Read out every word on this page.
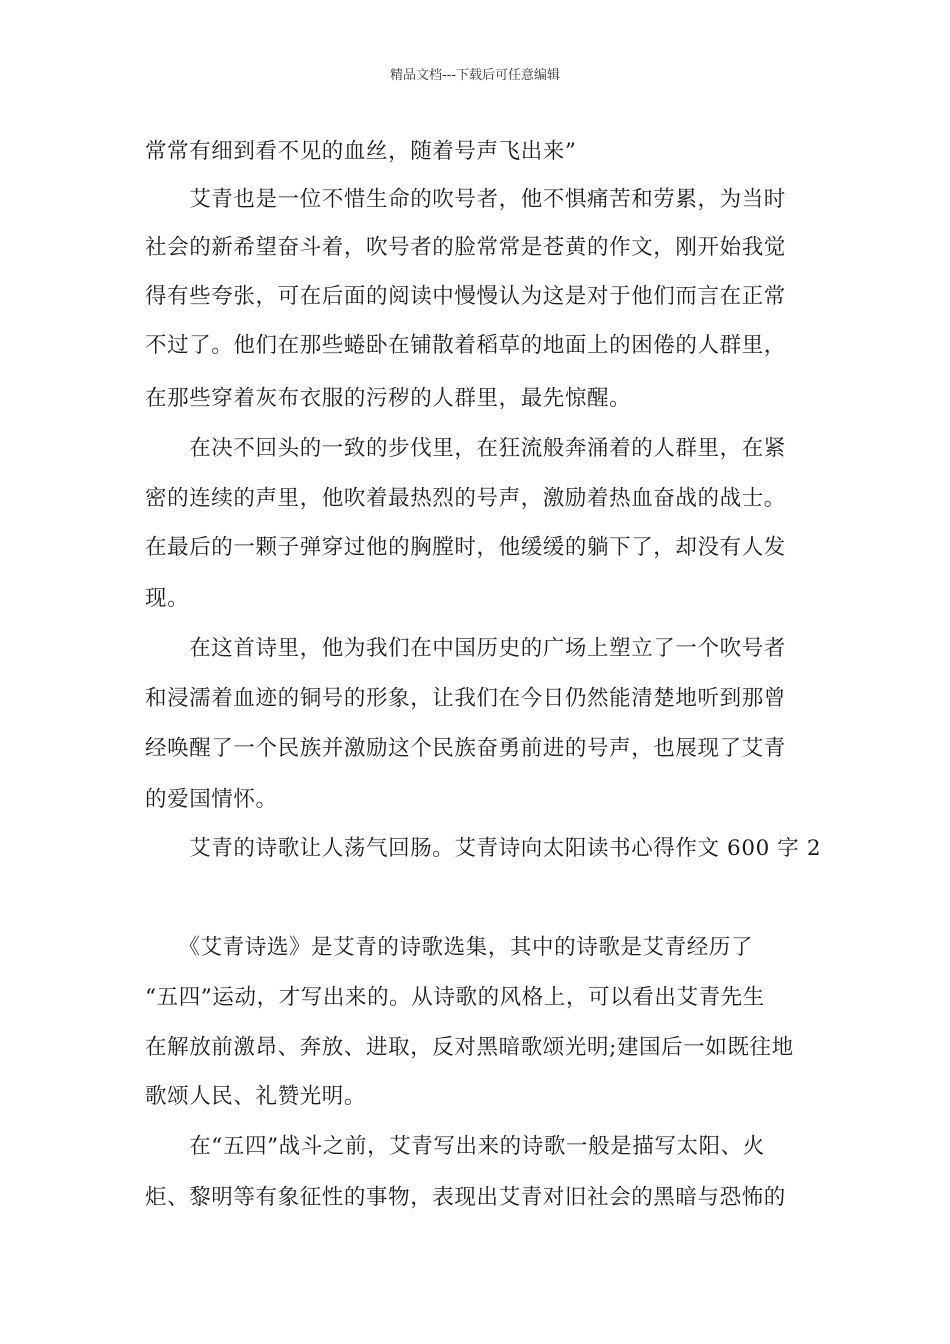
精品文档---下载后可任意编辑
常常有细到看不见的血丝，随着号声飞出来”
　　艾青也是一位不惜生命的吹号者，他不惧痛苦和劳累，为当时
社会的新希望奋斗着，吹号者的脸常常是苍黄的作文，刚开始我觉
得有些夸张，可在后面的阅读中慢慢认为这是对于他们而言在正常
不过了。他们在那些蜷卧在铺散着稻草的地面上的困倦的人群里，
在那些穿着灰布衣服的污秽的人群里，最先惊醒。
　　在决不回头的一致的步伐里，在狂流般奔涌着的人群里，在紧
密的连续的声里，他吹着最热烈的号声，激励着热血奋战的战士。
在最后的一颗子弹穿过他的胸膛时，他缓缓的躺下了，却没有人发
现。
　　在这首诗里，他为我们在中国历史的广场上塑立了一个吹号者
和浸濡着血迹的铜号的形象，让我们在今日仍然能清楚地听到那曾
经唤醒了一个民族并激励这个民族奋勇前进的号声，也展现了艾青
的爱国情怀。
　　艾青的诗歌让人荡气回肠。艾青诗向太阳读书心得作文 600 字 2
　　《艾青诗选》是艾青的诗歌选集，其中的诗歌是艾青经历了
“五四”运动，才写出来的。从诗歌的风格上，可以看出艾青先生
在解放前激昂、奔放、进取，反对黑暗歌颂光明;建国后一如既往地
歌颂人民、礼赞光明。
　　在“五四”战斗之前，艾青写出来的诗歌一般是描写太阳、火
炬、黎明等有象征性的事物，表现出艾青对旧社会的黑暗与恐怖的
